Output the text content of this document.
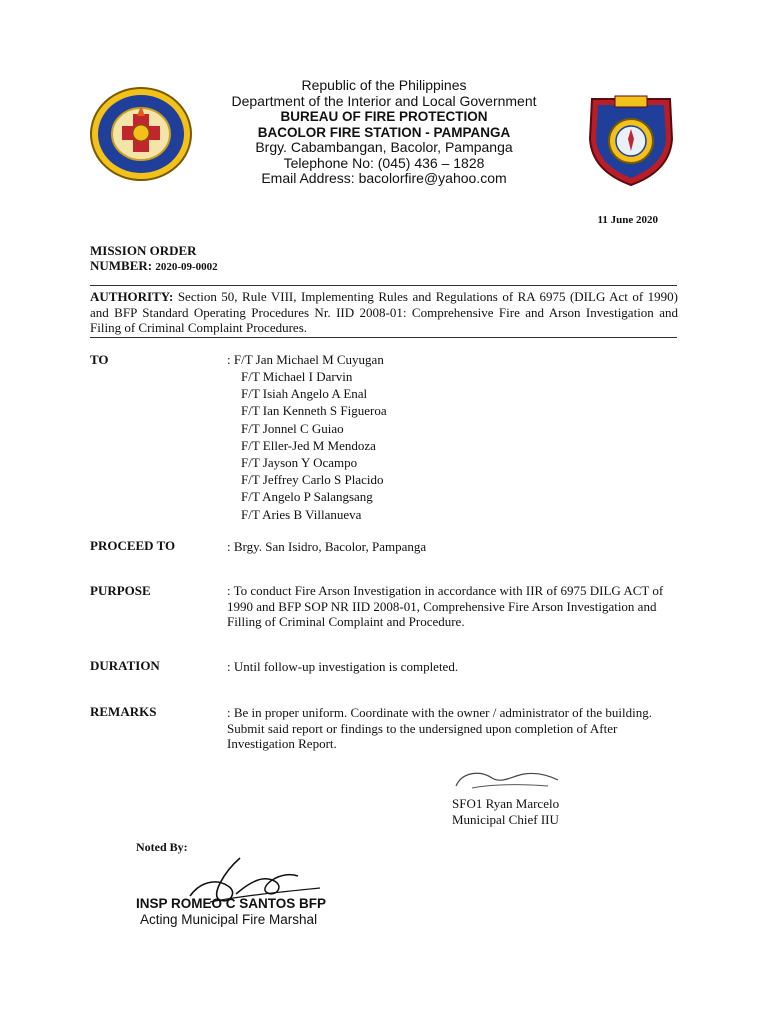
Republic of the Philippines
Department of the Interior and Local Government
BUREAU OF FIRE PROTECTION
BACOLOR FIRE STATION - PAMPANGA
Brgy. Cabambangan, Bacolor, Pampanga
Telephone No: (045) 436 – 1828
Email Address: bacolorfire@yahoo.com
11 June 2020
MISSION ORDER
NUMBER: 2020-09-0002
AUTHORITY: Section 50, Rule VIII, Implementing Rules and Regulations of RA 6975 (DILG Act of 1990) and BFP Standard Operating Procedures Nr. IID 2008-01: Comprehensive Fire and Arson Investigation and Filing of Criminal Complaint Procedures.
TO	: F/T Jan Michael M Cuyugan
F/T Michael I Darvin
F/T Isiah Angelo A Enal
F/T Ian Kenneth S Figueroa
F/T Jonnel C Guiao
F/T Eller-Jed M Mendoza
F/T Jayson Y Ocampo
F/T Jeffrey Carlo S Placido
F/T Angelo P Salangsang
F/T Aries B Villanueva
PROCEED TO	: Brgy. San Isidro, Bacolor, Pampanga
PURPOSE	: To conduct Fire Arson Investigation in accordance with IIR of 6975 DILG ACT of 1990 and BFP SOP NR IID 2008-01, Comprehensive Fire Arson Investigation and Filling of Criminal Complaint and Procedure.
DURATION	: Until follow-up investigation is completed.
REMARKS	: Be in proper uniform. Coordinate with the owner / administrator of the building. Submit said report or findings to the undersigned upon completion of After Investigation Report.
SFO1 Ryan Marcelo
Municipal Chief IIU
Noted By:
INSP ROMEO C SANTOS BFP
Acting Municipal Fire Marshal
